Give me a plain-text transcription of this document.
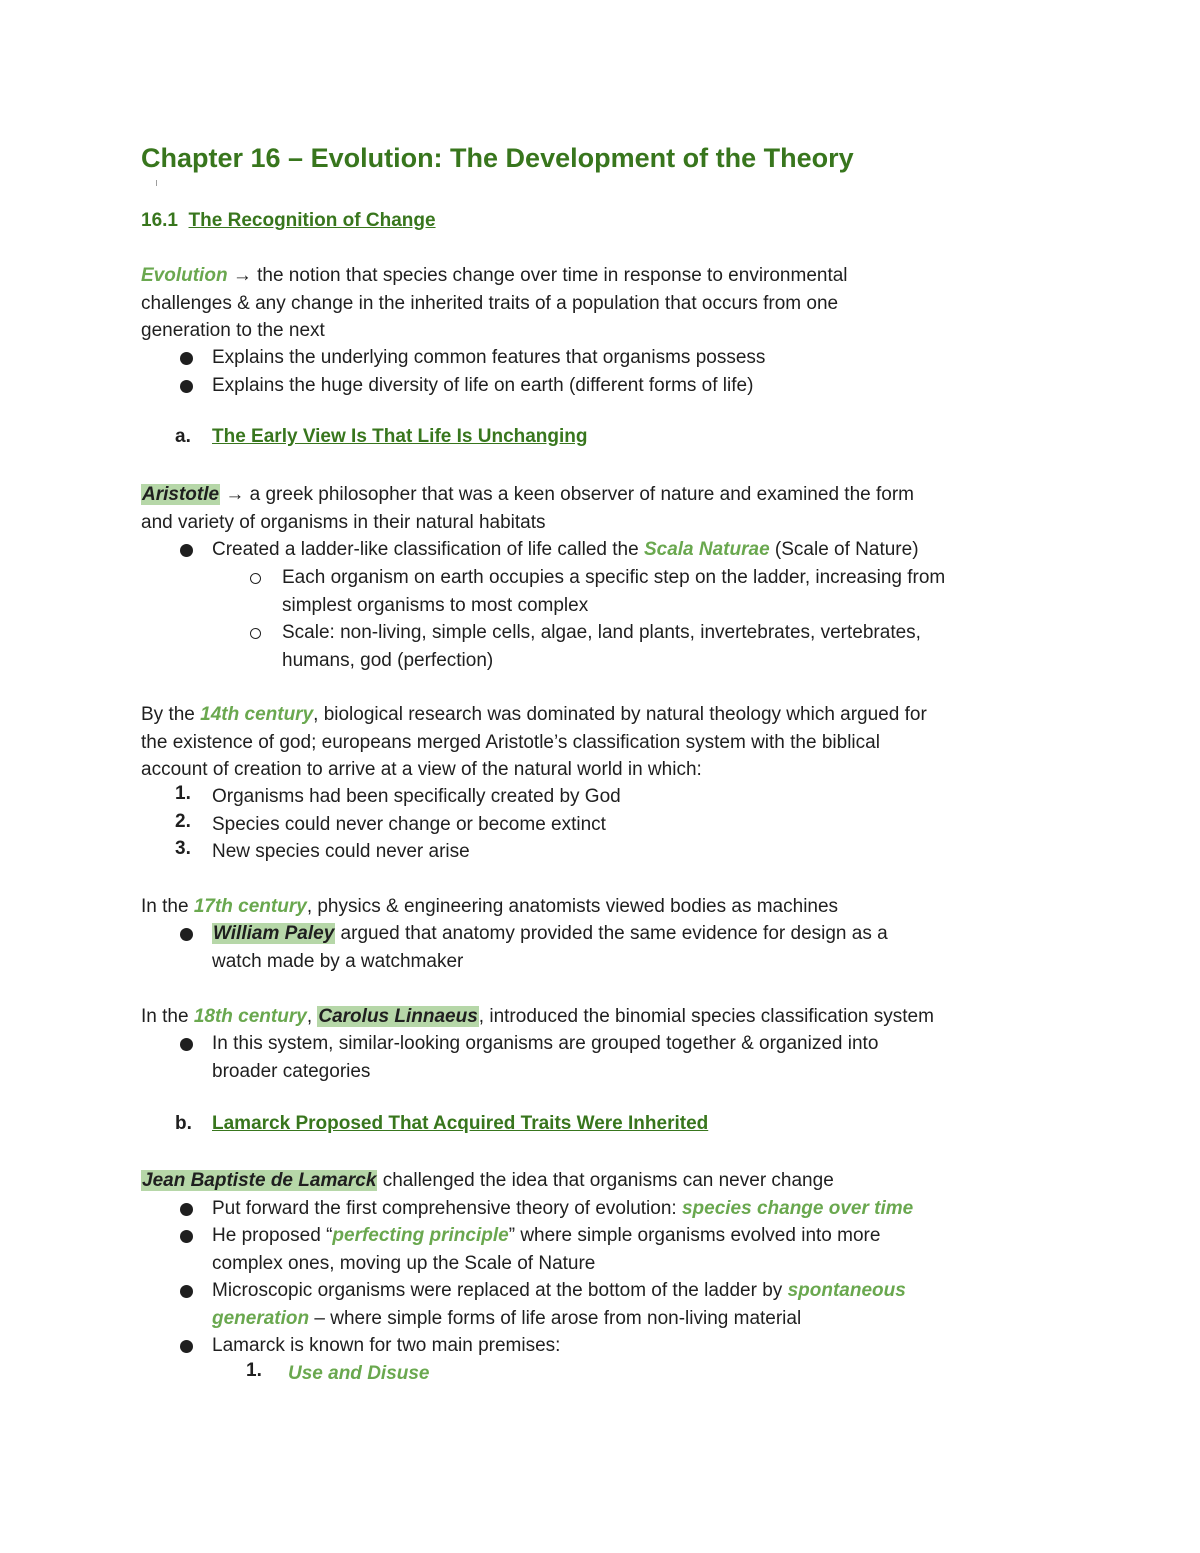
Chapter 16 – Evolution: The Development of the Theory
16.1 The Recognition of Change
Evolution → the notion that species change over time in response to environmental
challenges & any change in the inherited traits of a population that occurs from one
generation to the next
Explains the underlying common features that organisms possess
Explains the huge diversity of life on earth (different forms of life)
a. The Early View Is That Life Is Unchanging
Aristotle → a greek philosopher that was a keen observer of nature and examined the form
and variety of organisms in their natural habitats
Created a ladder-like classification of life called the Scala Naturae (Scale of Nature)
Each organism on earth occupies a specific step on the ladder, increasing from
simplest organisms to most complex
Scale: non-living, simple cells, algae, land plants, invertebrates, vertebrates,
humans, god (perfection)
By the 14th century, biological research was dominated by natural theology which argued for
the existence of god; europeans merged Aristotle’s classification system with the biblical
account of creation to arrive at a view of the natural world in which:
1. Organisms had been specifically created by God
2. Species could never change or become extinct
3. New species could never arise
In the 17th century, physics & engineering anatomists viewed bodies as machines
William Paley argued that anatomy provided the same evidence for design as a
watch made by a watchmaker
In the 18th century, Carolus Linnaeus, introduced the binomial species classification system
In this system, similar-looking organisms are grouped together & organized into
broader categories
b. Lamarck Proposed That Acquired Traits Were Inherited
Jean Baptiste de Lamarck challenged the idea that organisms can never change
Put forward the first comprehensive theory of evolution: species change over time
He proposed “perfecting principle” where simple organisms evolved into more
complex ones, moving up the Scale of Nature
Microscopic organisms were replaced at the bottom of the ladder by spontaneous
generation – where simple forms of life arose from non-living material
Lamarck is known for two main premises:
1. Use and Disuse
